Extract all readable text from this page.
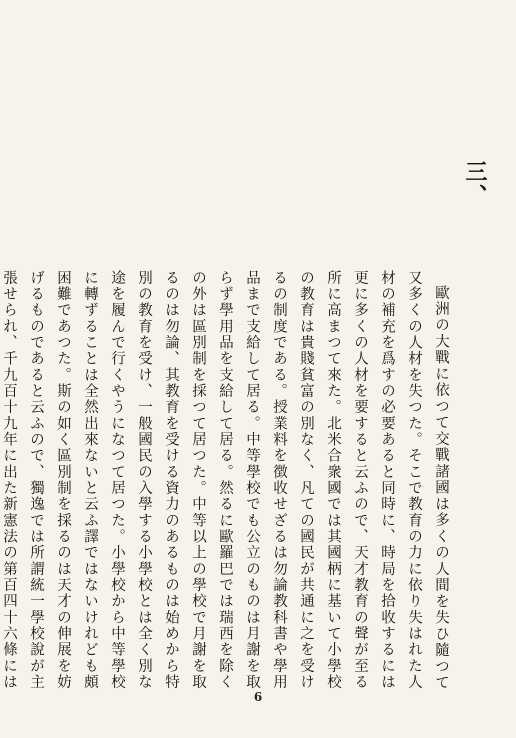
三、

歐洲の大戰に依つて交戰諸國は多くの人間を失ひ隨つて又多くの人材を失つた。そこで教育の力に依り失はれた人材の補充を爲すの必要あると同時に、時局を拾收するには更に多くの人材を要すると云ふので、天才教育の聲が至る所に高まつて來た。北米合衆國では其國柄に基いて小學校の教育は貴賤貧富の別なく、凡ての國民が共通に之を受けるの制度である。授業料を徴收せざるは勿論教科書や學用品まで支給して居る。中等學校でも公立のものは月謝を取らず學用品を支給して居る。然るに歐羅巴では瑞西を除くの外は區別制を採つて居つた。中等以上の學校で月謝を取るのは勿論、其教育を受ける資力のあるものは始めから特別の教育を受け、一般國民の入學する小學校とは全く別な途を履んで行くやうになつて居つた。小學校から中等學校に轉ずることは全然出來ないと云ふ譯ではないけれども頗困難であつた。斯の如く區別制を採るのは天才の伸展を妨げるものであると云ふので、獨逸では所謂統一學校說が主張せられ、千九百十九年に出た新憲法の第百四十六條には

6
